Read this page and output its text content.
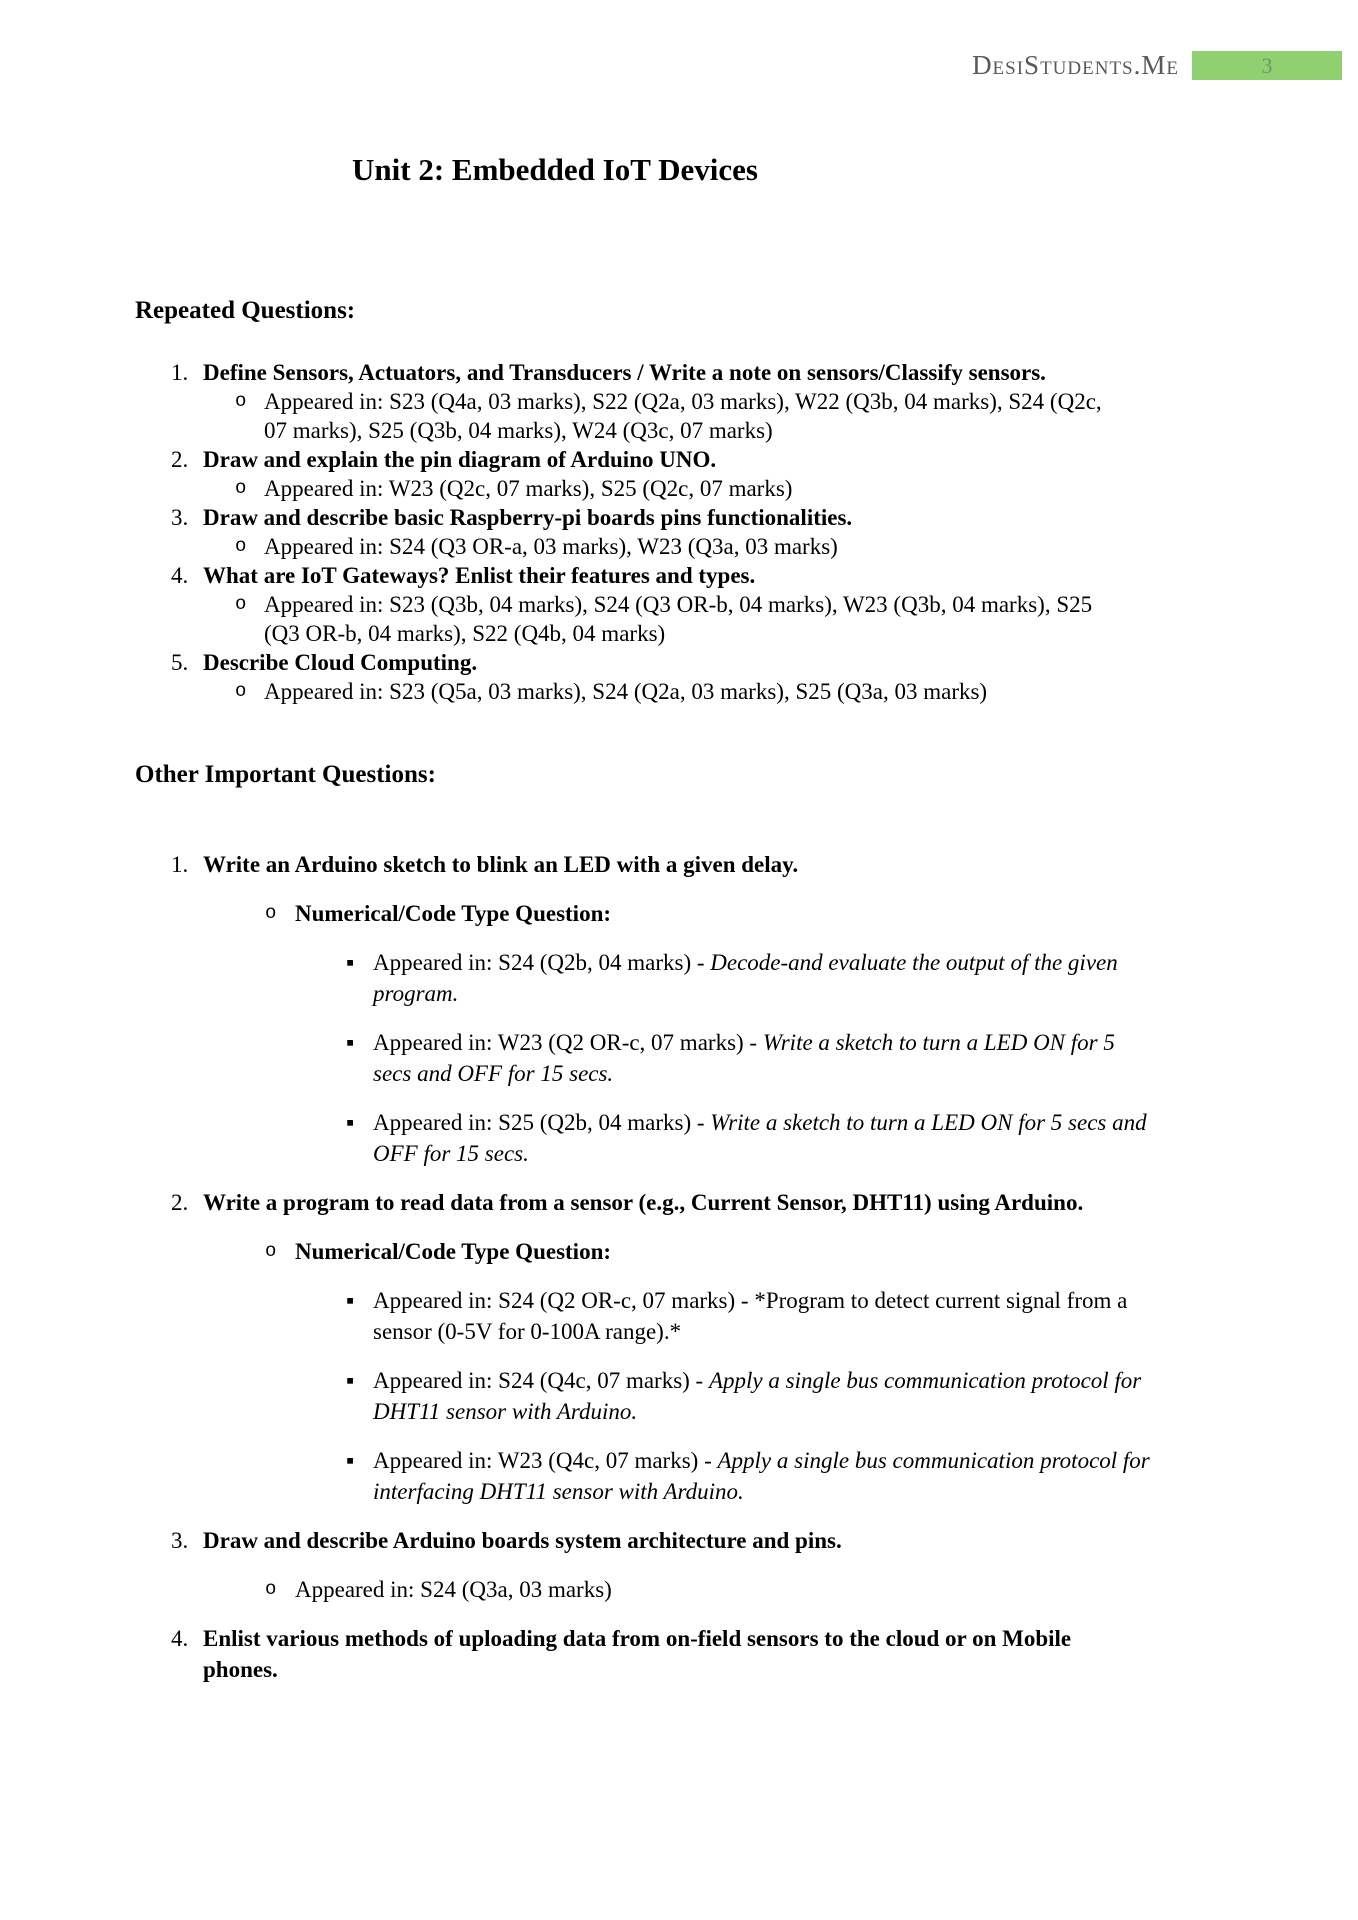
DesiStudents.Me	3
Unit 2: Embedded IoT Devices
Repeated Questions:
1. Define Sensors, Actuators, and Transducers / Write a note on sensors/Classify sensors.
o Appeared in: S23 (Q4a, 03 marks), S22 (Q2a, 03 marks), W22 (Q3b, 04 marks), S24 (Q2c, 07 marks), S25 (Q3b, 04 marks), W24 (Q3c, 07 marks)
2. Draw and explain the pin diagram of Arduino UNO.
o Appeared in: W23 (Q2c, 07 marks), S25 (Q2c, 07 marks)
3. Draw and describe basic Raspberry-pi boards pins functionalities.
o Appeared in: S24 (Q3 OR-a, 03 marks), W23 (Q3a, 03 marks)
4. What are IoT Gateways? Enlist their features and types.
o Appeared in: S23 (Q3b, 04 marks), S24 (Q3 OR-b, 04 marks), W23 (Q3b, 04 marks), S25 (Q3 OR-b, 04 marks), S22 (Q4b, 04 marks)
5. Describe Cloud Computing.
o Appeared in: S23 (Q5a, 03 marks), S24 (Q2a, 03 marks), S25 (Q3a, 03 marks)
Other Important Questions:
1. Write an Arduino sketch to blink an LED with a given delay.
o Numerical/Code Type Question:
▪ Appeared in: S24 (Q2b, 04 marks) - Decode-and evaluate the output of the given program.
▪ Appeared in: W23 (Q2 OR-c, 07 marks) - Write a sketch to turn a LED ON for 5 secs and OFF for 15 secs.
▪ Appeared in: S25 (Q2b, 04 marks) - Write a sketch to turn a LED ON for 5 secs and OFF for 15 secs.
2. Write a program to read data from a sensor (e.g., Current Sensor, DHT11) using Arduino.
o Numerical/Code Type Question:
▪ Appeared in: S24 (Q2 OR-c, 07 marks) - *Program to detect current signal from a sensor (0-5V for 0-100A range).*
▪ Appeared in: S24 (Q4c, 07 marks) - Apply a single bus communication protocol for DHT11 sensor with Arduino.
▪ Appeared in: W23 (Q4c, 07 marks) - Apply a single bus communication protocol for interfacing DHT11 sensor with Arduino.
3. Draw and describe Arduino boards system architecture and pins.
o Appeared in: S24 (Q3a, 03 marks)
4. Enlist various methods of uploading data from on-field sensors to the cloud or on Mobile phones.
